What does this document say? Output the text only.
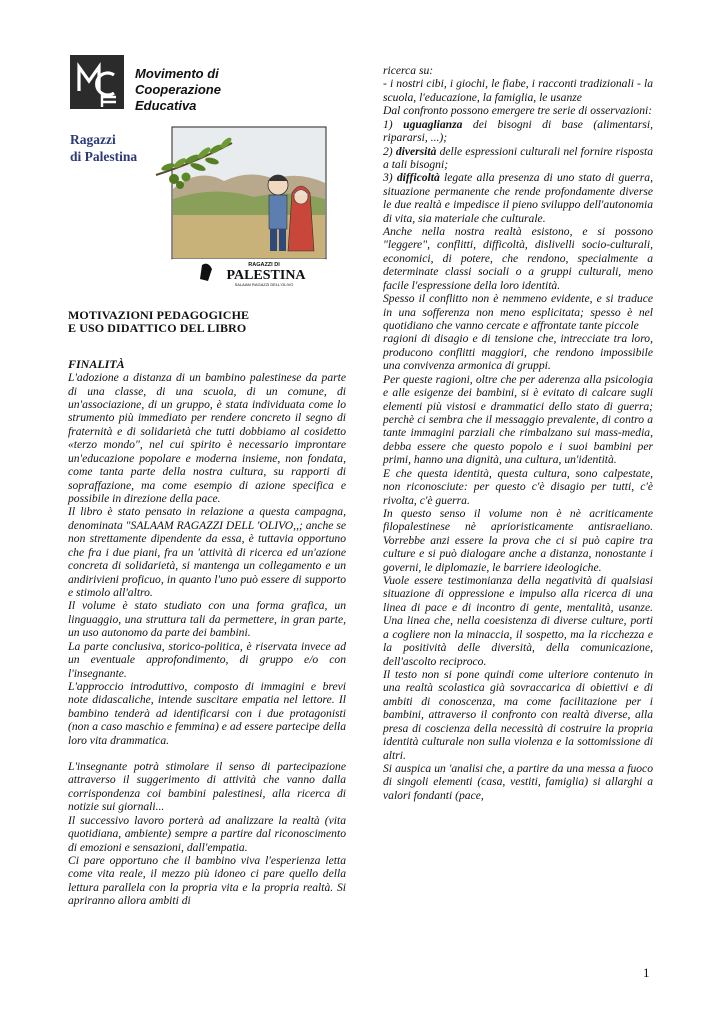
Movimento di
Cooperazione
Educativa
Ragazzi
di Palestina
RAGAZZI DI
PALESTINA
SALAAM RAGAZZI DELL'OLIVO
MOTIVAZIONI PEDAGOGICHE
E USO DIDATTICO DEL LIBRO
FINALITÀ

L'adozione a distanza di un bambino palestinese da parte di una classe, di una scuola, di un comune, di un'associazione, di un gruppo, è stata individuata come lo strumento più immediato per rendere concreto il segno di fraternità e di solidarietà che tutti dobbiamo al cosidetto «terzo mondo", nel cui spirito è necessario improntare un'educazione popolare e moderna insieme, non fondata, come tanta parte della nostra cultura, su rapporti di sopraffazione, ma come esempio di azione specifica e possibile in direzione della pace.

Il libro è stato pensato in relazione a questa campagna, denominata "SALAAM RAGAZZI DELL 'OLIVO,,; anche se non strettamente dipendente da essa, è tuttavia opportuno che fra i due piani, fra un 'attività di ricerca ed un'azione concreta di solidarietà, si mantenga un collegamento e un andirivieni proficuo, in quanto l'uno può essere di supporto e stimolo all'altro.

Il volume è stato studiato con una forma grafica, un linguaggio, una struttura tali da permettere, in gran parte, un uso autonomo da parte dei bambini.

La parte conclusiva, storico-politica, è riservata invece ad un eventuale approfondimento, di gruppo e/o con l'insegnante.

L'approccio introduttivo, composto di immagini e brevi note didascaliche, intende suscitare empatia nel lettore. Il bambino tenderà ad identificarsi con i due protagonisti (non a caso maschio e femmina) e ad essere partecipe della loro vita drammatica.

L'insegnante potrà stimolare il senso di partecipazione attraverso il suggerimento di attività che vanno dalla corrispondenza coi bambini palestinesi, alla ricerca di notizie sui giornali...

Il successivo lavoro porterà ad analizzare la realtà (vita quotidiana, ambiente) sempre a partire dal riconoscimento di emozioni e sensazioni, dall'empatia.

Ci pare opportuno che il bambino viva l'esperienza letta come vita reale, il mezzo più idoneo ci pare quello della lettura parallela con la propria vita e la propria realtà. Si apriranno allora ambiti di

ricerca su:

- i nostri cibi, i giochi, le fiabe, i racconti tradizionali - la scuola, l'educazione, la famiglia, le usanze

Dal confronto possono emergere tre serie di osservazioni:

1) uguaglianza dei bisogni di base (alimentarsi, ripararsi, ...);

2) diversità delle espressioni culturali nel fornire risposta a tali bisogni;

3) difficoltà legate alla presenza di uno stato di guerra, situazione permanente che rende profondamente diverse le due realtà e impedisce il pieno sviluppo dell'autonomia di vita, sia materiale che culturale.

Anche nella nostra realtà esistono, e si possono "leggere", conflitti, difficoltà, dislivelli socio-culturali, economici, di potere, che rendono, specialmente a determinate classi sociali o a gruppi culturali, meno facile l'espressione della loro identità.

Spesso il conflitto non è nemmeno evidente, e si traduce in una sofferenza non meno esplicitata; spesso è nel quotidiano che vanno cercate e affrontate tante piccole

ragioni di disagio e di tensione che, intrecciate tra loro, producono conflitti maggiori, che rendono impossibile una convivenza armonica di gruppi.

Per queste ragioni, oltre che per aderenza alla psicologia e alle esigenze dei bambini, si è evitato di calcare sugli elementi più vistosi e drammatici dello stato di guerra; perchè ci sembra che il messaggio prevalente, di contro a tante immagini parziali che rimbalzano sui mass-media, debba essere che questo popolo e i suoi bambini per primi, hanno una dignità, una cultura, un'identità.

E che questa identità, questa cultura, sono calpestate, non riconosciute: per questo c'è disagio per tutti, c'è rivolta, c'è guerra.

In questo senso il volume non è nè acriticamente filopalestinese nè aprioristicamente antisraeliano. Vorrebbe anzi essere la prova che ci si può capire tra culture e si può dialogare anche a distanza, nonostante i governi, le diplomazie, le barriere ideologiche.

Vuole essere testimonianza della negatività di qualsiasi situazione di oppressione e impulso alla ricerca di una linea di pace e di incontro di gente, mentalità, usanze. Una linea che, nella coesistenza di diverse culture, porti a cogliere non la minaccia, il sospetto, ma la ricchezza e la positività delle diversità, della comunicazione, dell'ascolto reciproco.

Il testo non si pone quindi come ulteriore contenuto in una realtà scolastica già sovraccarica di obiettivi e di ambiti di conoscenza, ma come facilitazione per i bambini, attraverso il confronto con realtà diverse, alla presa di coscienza della necessità di costruire la propria identità culturale non sulla violenza e la sottomissione di altri.

Si auspica un 'analisi che, a partire da una messa a fuoco di singoli elementi (casa, vestiti, famiglia) si allarghi a valori fondanti (pace,

1
